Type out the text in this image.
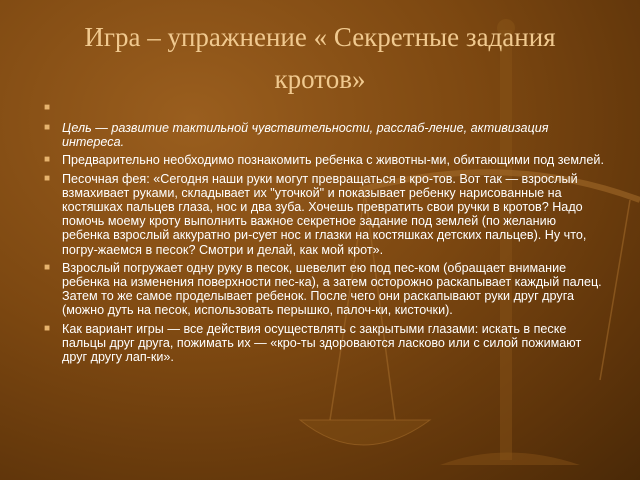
Игра – упражнение « Секретные задания кротов»
■
■ Цель — развитие тактильной чувствительности, расслаб-ление, активизация интереса.
■ Предварительно необходимо познакомить ребенка с животны-ми, обитающими под землей.
■ Песочная фея: «Сегодня наши руки могут превращаться в кро-тов. Вот так — взрослый взмахивает руками, складывает их "уточкой" и показывает ребенку нарисованные на костяшках пальцев глаза, нос и два зуба. Хочешь превратить свои ручки в кротов? Надо помочь моему кроту выполнить важное секретное задание под землей (по желанию ребенка взрослый аккуратно ри-сует нос и глазки на костяшках детских пальцев). Ну что, погру-жаемся в песок? Смотри и делай, как мой крот».
■ Взрослый погружает одну руку в песок, шевелит ею под пес-ком (обращает внимание ребенка на изменения поверхности пес-ка), а затем осторожно раскапывает каждый палец. Затем то же самое проделывает ребенок. После чего они раскапывают руки друг друга (можно дуть на песок, использовать перышко, палоч-ки, кисточки).
■ Как вариант игры — все действия осуществлять с закрытыми глазами: искать в песке пальцы друг друга, пожимать их — «кро-ты здороваются ласково или с силой пожимают друг другу лап-ки».
